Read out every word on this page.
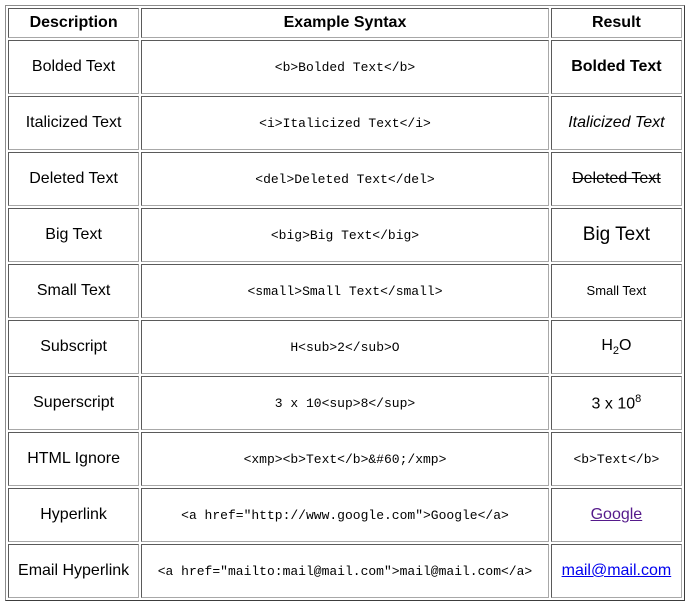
Description	Example Syntax	Result
Bolded Text	<b>Bolded Text</b>	Bolded Text
Italicized Text	<i>Italicized Text</i>	Italicized Text
Deleted Text	<del>Deleted Text</del>	Deleted Text
Big Text	<big>Big Text</big>	Big Text
Small Text	<small>Small Text</small>	Small Text
Subscript	H<sub>2</sub>O	$H_2O$
Superscript	3 x 10<sup>8</sup>	3 x $10^8$
HTML Ignore	<xmp><b>Text</b>&#60;/xmp>	<b>Text</b>
Hyperlink	<a href="http://www.google.com">Google</a>	Google
Email Hyperlink	<a href="mailto:mail@mail.com">mail@mail.com</a>	mail@mail.com
